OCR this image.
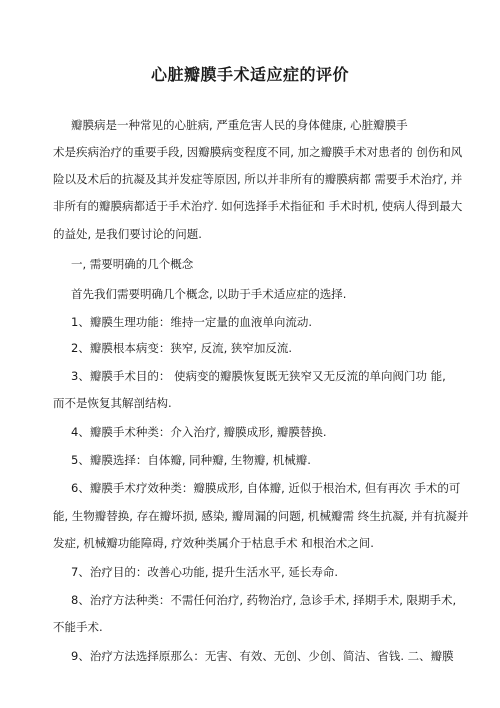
心脏瓣膜手术适应症的评价
瓣膜病是一种常见的心脏病, 严重危害人民的身体健康, 心脏瓣膜手
术是疾病治疗的重要手段, 因瓣膜病变程度不同, 加之瓣膜手术对患者的 创伤和风
险以及术后的抗凝及其并发症等原因, 所以并非所有的瓣膜病都 需要手术治疗, 并
非所有的瓣膜病都适于手术治疗. 如何选择手术指征和 手术时机, 使病人得到最大
的益处, 是我们要讨论的问题.
一, 需要明确的几个概念
首先我们需要明确几个概念, 以助于手术适应症的选择.
1、瓣膜生理功能：维持一定量的血液单向流动.
2、瓣膜根本病变：狭窄, 反流, 狭窄加反流.
3、瓣膜手术目的： 使病变的瓣膜恢复既无狭窄又无反流的单向阀门功 能,
而不是恢复其解剖结构.
4、瓣膜手术种类：介入治疗, 瓣膜成形, 瓣膜替换.
5、瓣膜选择：自体瓣, 同种瓣, 生物瓣, 机械瓣.
6、瓣膜手术疗效种类：瓣膜成形, 自体瓣, 近似于根治术, 但有再次 手术的可
能, 生物瓣替换, 存在瓣坏损, 感染, 瓣周漏的问题, 机械瓣需 终生抗凝, 并有抗凝并
发症, 机械瓣功能障碍, 疗效种类属介于枯息手术 和根治术之间.
7、治疗目的：改善心功能, 提升生活水平, 延长寿命.
8、治疗方法种类：不需任何治疗, 药物治疗, 急诊手术, 择期手术, 限期手术,
不能手术.
9、治疗方法选择原那么：无害、有效、无创、少创、简洁、省钱. 二、瓣膜
